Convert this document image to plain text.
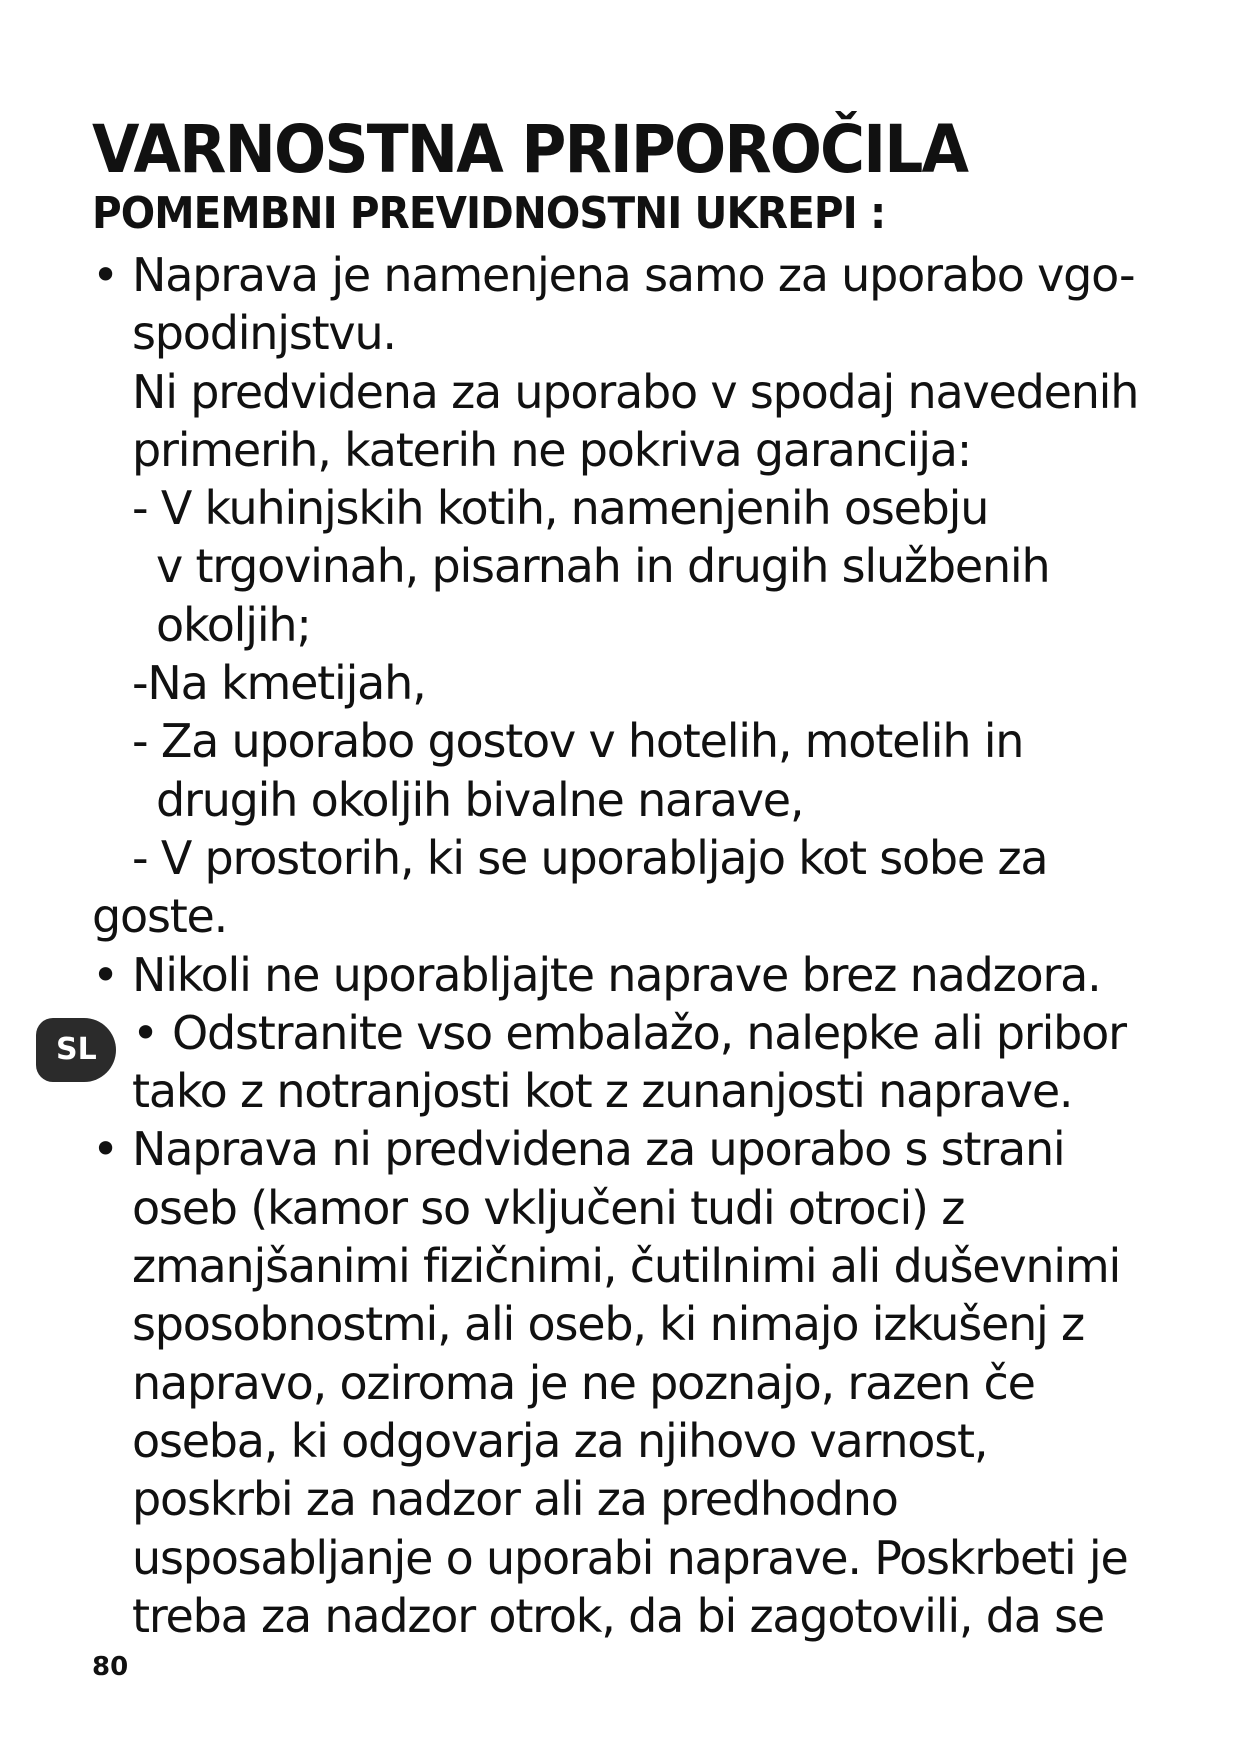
VARNOSTNA PRIPOROČILA
POMEMBNI PREVIDNOSTNI UKREPI :
• Naprava je namenjena samo za uporabo vgo-
spodinjstvu.
Ni predvidena za uporabo v spodaj navedenih
primerih, katerih ne pokriva garancija:
- V kuhinjskih kotih, namenjenih osebju
v trgovinah, pisarnah in drugih službenih
okoljih;
-Na kmetijah,
- Za uporabo gostov v hotelih, motelih in
drugih okoljih bivalne narave,
- V prostorih, ki se uporabljajo kot sobe za
goste.
• Nikoli ne uporabljajte naprave brez nadzora.
• Odstranite vso embalažo, nalepke ali pribor
tako z notranjosti kot z zunanjosti naprave.
• Naprava ni predvidena za uporabo s strani
oseb (kamor so vključeni tudi otroci) z
zmanjšanimi fizičnimi, čutilnimi ali duševnimi
sposobnostmi, ali oseb, ki nimajo izkušenj z
napravo, oziroma je ne poznajo, razen če
oseba, ki odgovarja za njihovo varnost,
poskrbi za nadzor ali za predhodno
usposabljanje o uporabi naprave. Poskrbeti je
treba za nadzor otrok, da bi zagotovili, da se
SL
80
